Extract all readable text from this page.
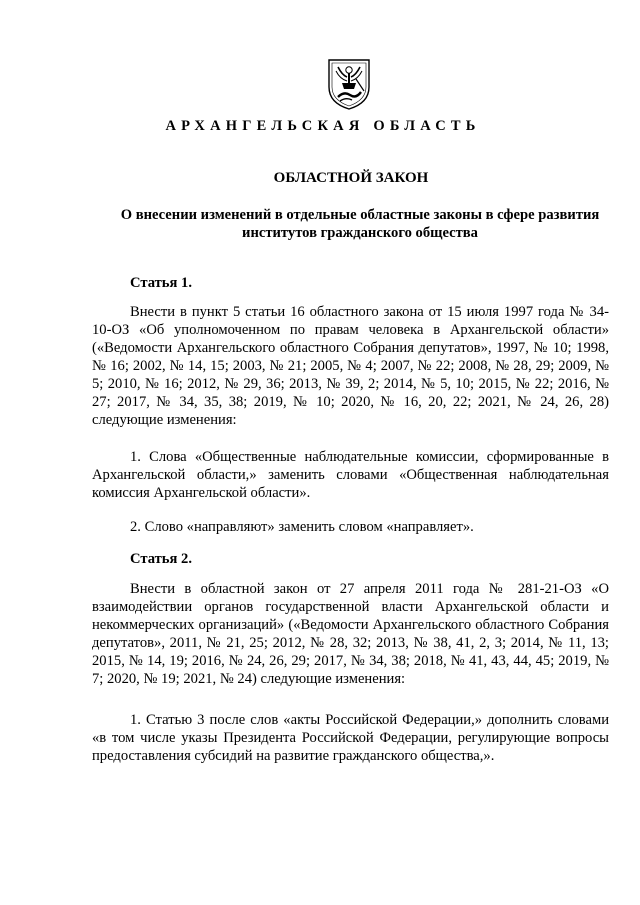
АРХАНГЕЛЬСКАЯ ОБЛАСТЬ
ОБЛАСТНОЙ ЗАКОН
О внесении изменений в отдельные областные законы в сфере развития институтов гражданского общества
Статья 1.

Внести в пункт 5 статьи 16 областного закона от 15 июля 1997 года № 34-10-ОЗ «Об уполномоченном по правам человека в Архангельской области» («Ведомости Архангельского областного Собрания депутатов», 1997, № 10; 1998, № 16; 2002, № 14, 15; 2003, № 21; 2005, № 4; 2007, № 22; 2008, № 28, 29; 2009, № 5; 2010, № 16; 2012, № 29, 36; 2013, № 39, 2; 2014, № 5, 10; 2015, № 22; 2016, № 27; 2017, № 34, 35, 38; 2019, № 10; 2020, № 16, 20, 22; 2021, № 24, 26, 28) следующие изменения:

1. Слова «Общественные наблюдательные комиссии, сформированные в Архангельской области,» заменить словами «Общественная наблюдательная комиссия Архангельской области».

2. Слово «направляют» заменить словом «направляет».

Статья 2.

Внести в областной закон от 27 апреля 2011 года № 281-21-ОЗ «О взаимодействии органов государственной власти Архангельской области и некоммерческих организаций» («Ведомости Архангельского областного Собрания депутатов», 2011, № 21, 25; 2012, № 28, 32; 2013, № 38, 41, 2, 3; 2014, № 11, 13; 2015, № 14, 19; 2016, № 24, 26, 29; 2017, № 34, 38; 2018, № 41, 43, 44, 45; 2019, № 7; 2020, № 19; 2021, № 24) следующие изменения:

1. Статью 3 после слов «акты Российской Федерации,» дополнить словами «в том числе указы Президента Российской Федерации, регулирующие вопросы предоставления субсидий на развитие гражданского общества,».
